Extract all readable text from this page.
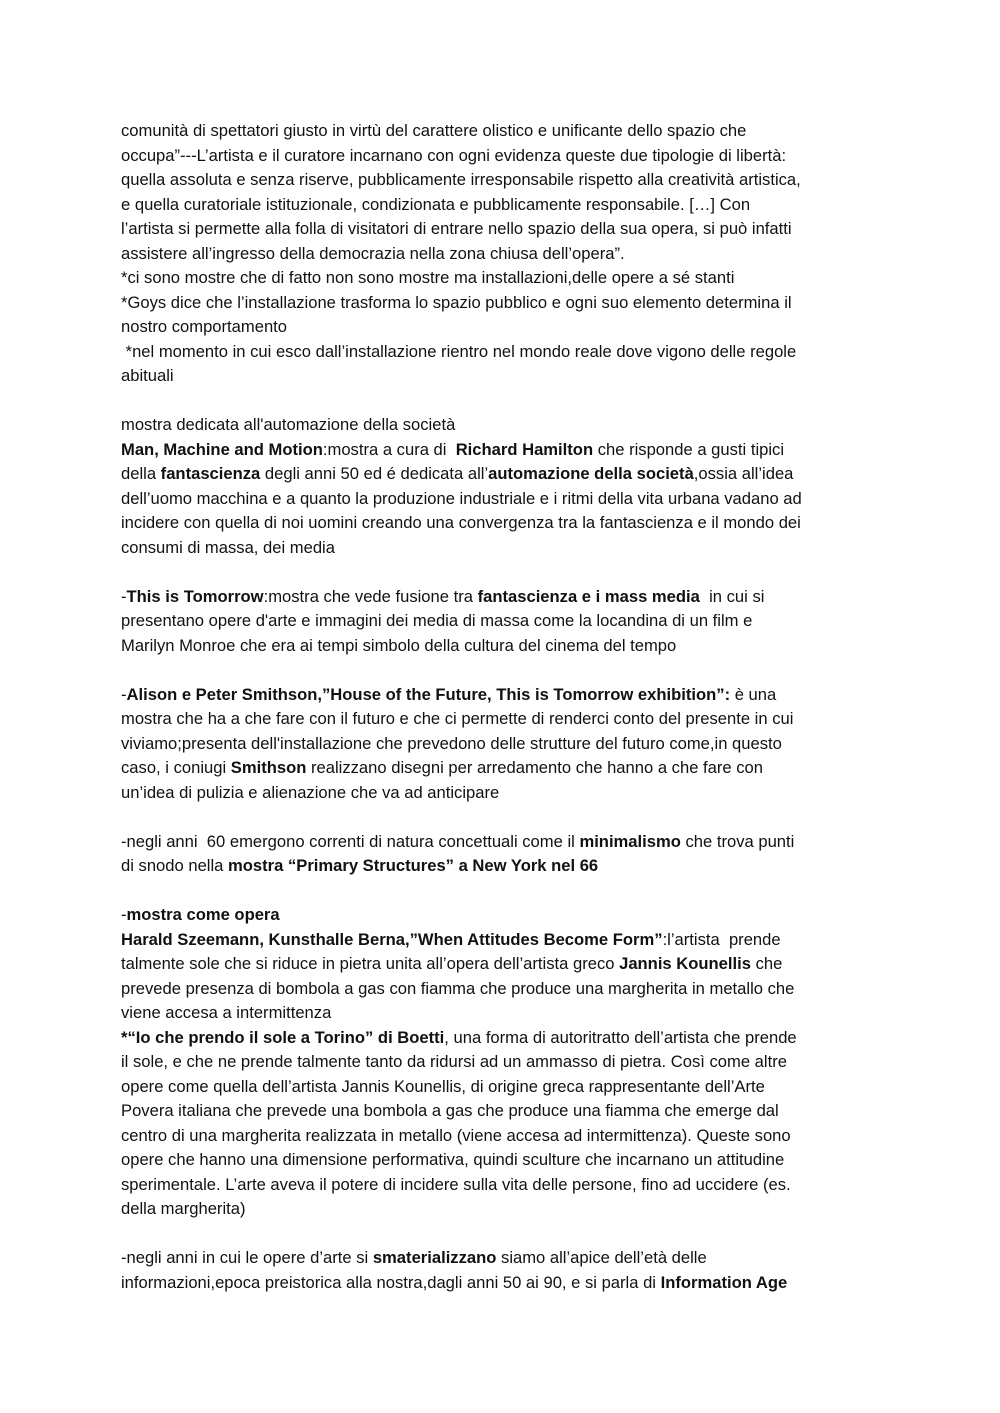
comunità di spettatori giusto in virtù del carattere olistico e unificante dello spazio che
occupa”---L’artista e il curatore incarnano con ogni evidenza queste due tipologie di libertà:
quella assoluta e senza riserve, pubblicamente irresponsabile rispetto alla creatività artistica,
e quella curatoriale istituzionale, condizionata e pubblicamente responsabile. […] Con
l’artista si permette alla folla di visitatori di entrare nello spazio della sua opera, si può infatti
assistere all’ingresso della democrazia nella zona chiusa dell’opera”.
*ci sono mostre che di fatto non sono mostre ma installazioni,delle opere a sé stanti
*Goys dice che l’installazione trasforma lo spazio pubblico e ogni suo elemento determina il
nostro comportamento
*nel momento in cui esco dall’installazione rientro nel mondo reale dove vigono delle regole
abituali
mostra dedicata all'automazione della società
Man, Machine and Motion:mostra a cura di  Richard Hamilton che risponde a gusti tipici
della fantascienza degli anni 50 ed é dedicata all’automazione della società,ossia all’idea
dell’uomo macchina e a quanto la produzione industriale e i ritmi della vita urbana vadano ad
incidere con quella di noi uomini creando una convergenza tra la fantascienza e il mondo dei
consumi di massa, dei media
-This is Tomorrow:mostra che vede fusione tra fantascienza e i mass media  in cui si
presentano opere d'arte e immagini dei media di massa come la locandina di un film e
Marilyn Monroe che era ai tempi simbolo della cultura del cinema del tempo
-Alison e Peter Smithson,”House of the Future, This is Tomorrow exhibition”: è una
mostra che ha a che fare con il futuro e che ci permette di renderci conto del presente in cui
viviamo;presenta dell'installazione che prevedono delle strutture del futuro come,in questo
caso, i coniugi Smithson realizzano disegni per arredamento che hanno a che fare con
un’idea di pulizia e alienazione che va ad anticipare
-negli anni  60 emergono correnti di natura concettuali come il minimalismo che trova punti
di snodo nella mostra “Primary Structures” a New York nel 66
-mostra come opera
Harald Szeemann, Kunsthalle Berna,”When Attitudes Become Form”:l’artista  prende
talmente sole che si riduce in pietra unita all’opera dell’artista greco Jannis Kounellis che
prevede presenza di bombola a gas con fiamma che produce una margherita in metallo che
viene accesa a intermittenza
*“Io che prendo il sole a Torino” di Boetti, una forma di autoritratto dell’artista che prende
il sole, e che ne prende talmente tanto da ridursi ad un ammasso di pietra. Così come altre
opere come quella dell’artista Jannis Kounellis, di origine greca rappresentante dell’Arte
Povera italiana che prevede una bombola a gas che produce una fiamma che emerge dal
centro di una margherita realizzata in metallo (viene accesa ad intermittenza). Queste sono
opere che hanno una dimensione performativa, quindi sculture che incarnano un attitudine
sperimentale. L’arte aveva il potere di incidere sulla vita delle persone, fino ad uccidere (es.
della margherita)
-negli anni in cui le opere d’arte si smaterializzano siamo all’apice dell’età delle
informazioni,epoca preistorica alla nostra,dagli anni 50 ai 90, e si parla di Information Age
